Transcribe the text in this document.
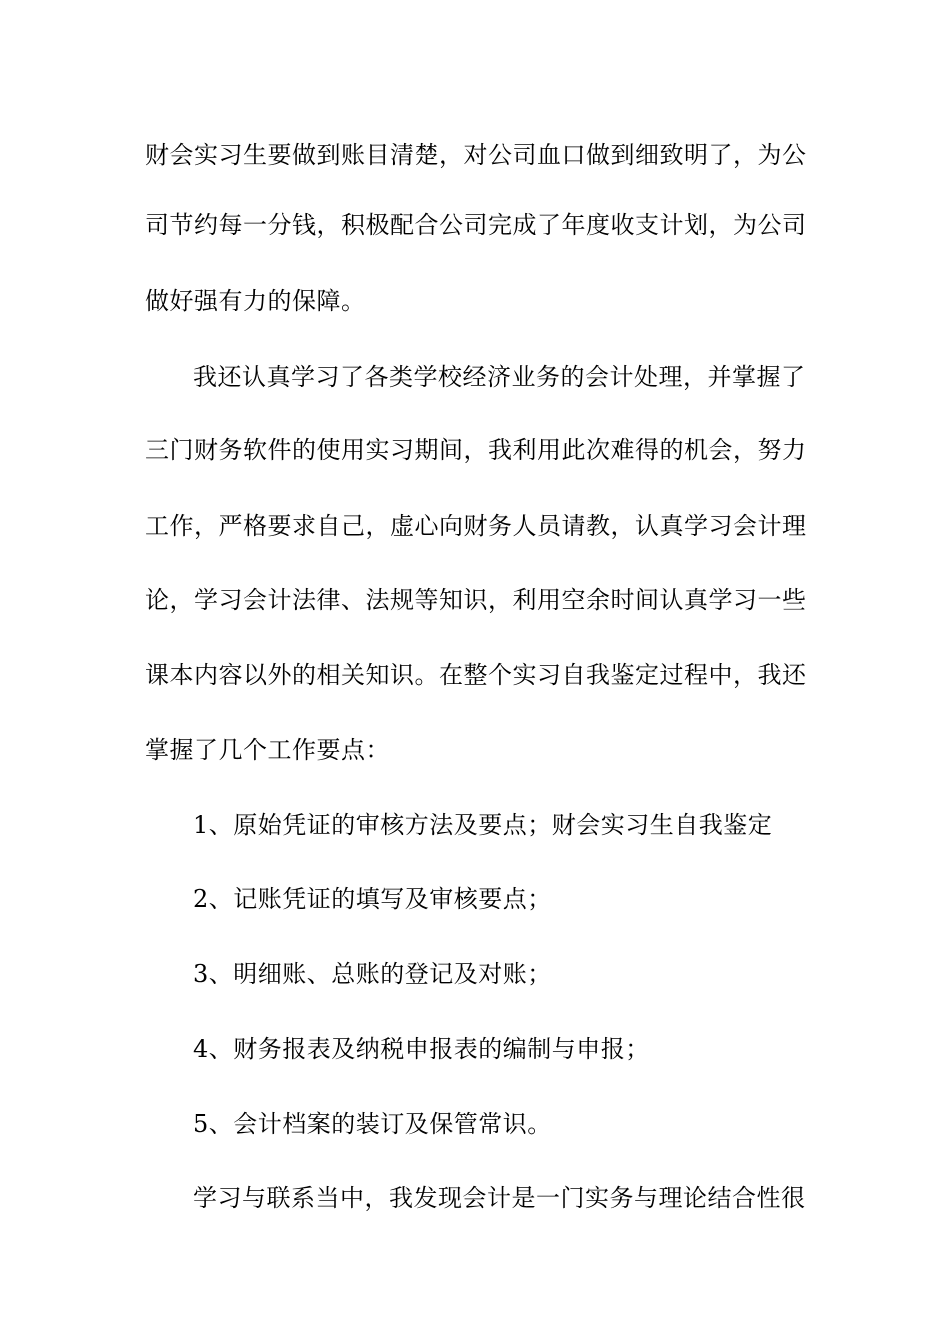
财会实习生要做到账目清楚，对公司血口做到细致明了，为公
司节约每一分钱，积极配合公司完成了年度收支计划，为公司
做好强有力的保障。
我还认真学习了各类学校经济业务的会计处理，并掌握了
三门财务软件的使用实习期间，我利用此次难得的机会，努力
工作，严格要求自己，虚心向财务人员请教，认真学习会计理
论，学习会计法律、法规等知识，利用空余时间认真学习一些
课本内容以外的相关知识。在整个实习自我鉴定过程中，我还
掌握了几个工作要点：
1、原始凭证的审核方法及要点；财会实习生自我鉴定
2、记账凭证的填写及审核要点；
3、明细账、总账的登记及对账；
4、财务报表及纳税申报表的编制与申报；
5、会计档案的装订及保管常识。
学习与联系当中，我发现会计是一门实务与理论结合性很
